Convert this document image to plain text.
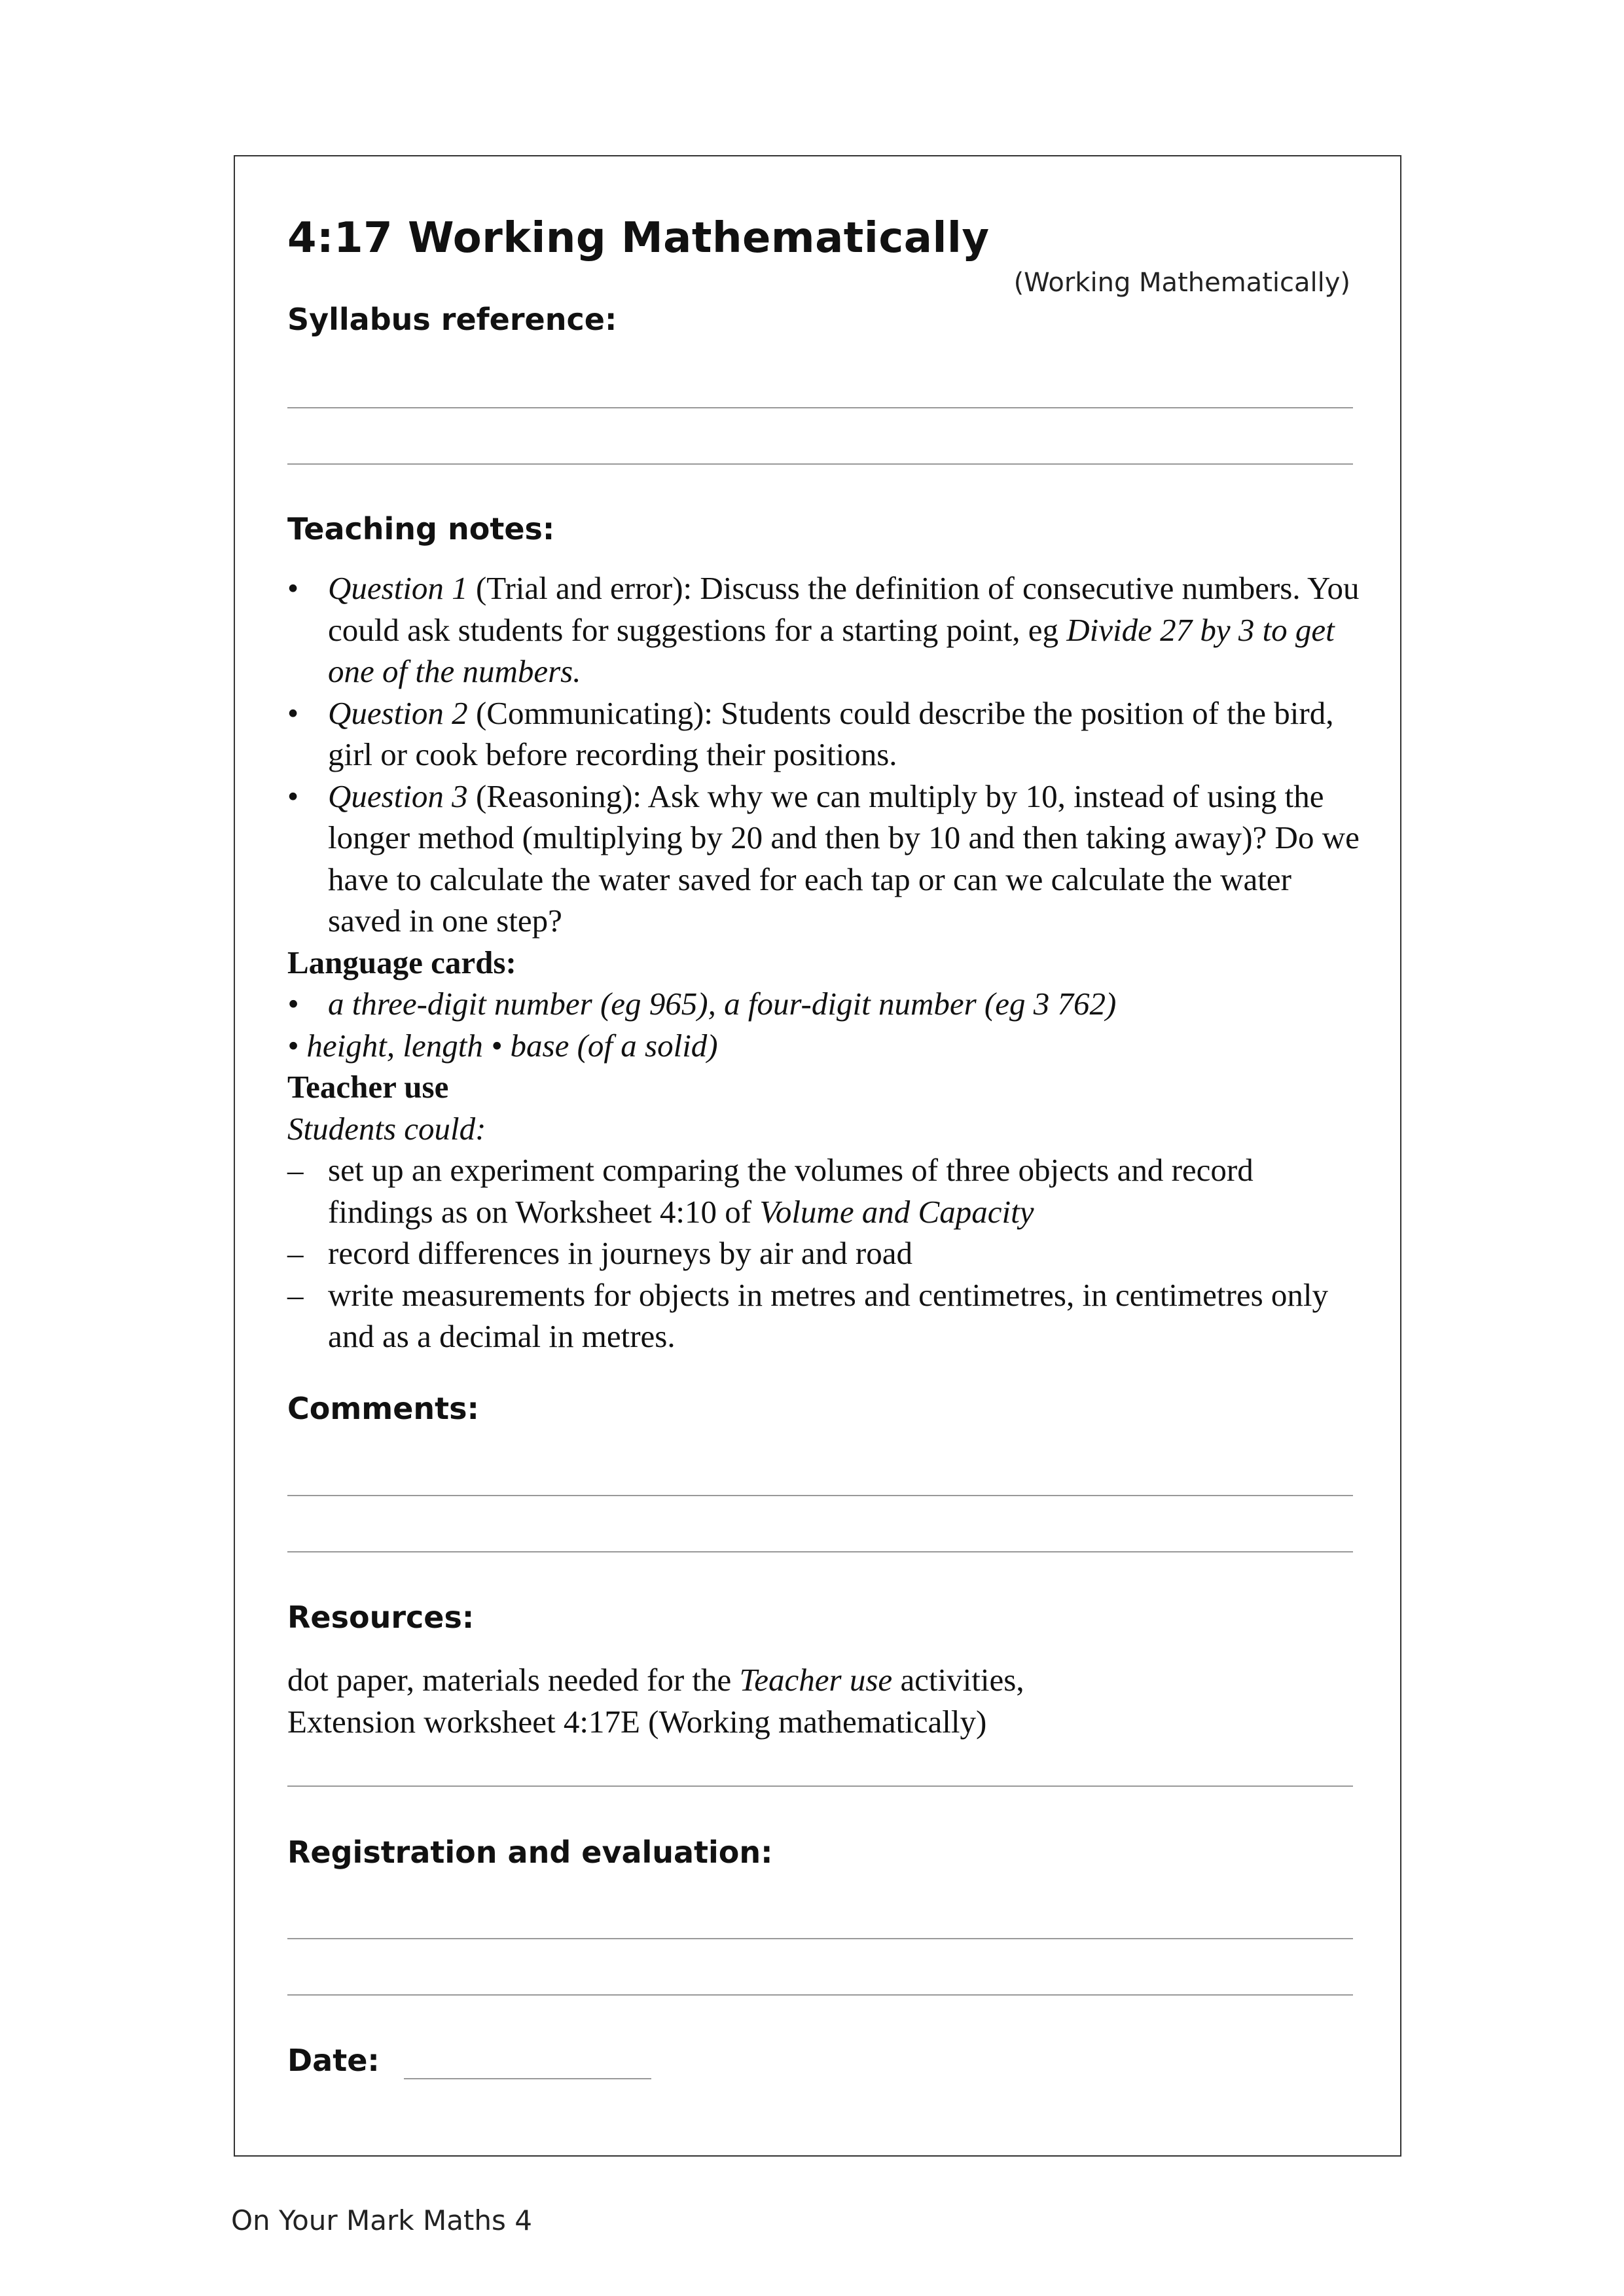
4:17 Working Mathematically
(Working Mathematically)
Syllabus reference:
Teaching notes:
• Question 1 (Trial and error): Discuss the definition of consecutive numbers. You could ask students for suggestions for a starting point, eg Divide 27 by 3 to get one of the numbers.
• Question 2 (Communicating): Students could describe the position of the bird, girl or cook before recording their positions.
• Question 3 (Reasoning): Ask why we can multiply by 10, instead of using the longer method (multiplying by 20 and then by 10 and then taking away)? Do we have to calculate the water saved for each tap or can we calculate the water saved in one step?
Language cards:
• a three-digit number (eg 965), a four-digit number (eg 3 762)
• height, length • base (of a solid)
Teacher use
Students could:
– set up an experiment comparing the volumes of three objects and record findings as on Worksheet 4:10 of Volume and Capacity
– record differences in journeys by air and road
– write measurements for objects in metres and centimetres, in centimetres only and as a decimal in metres.
Comments:
Resources:
dot paper, materials needed for the Teacher use activities,
Extension worksheet 4:17E (Working mathematically)
Registration and evaluation:
Date:
On Your Mark Maths 4
